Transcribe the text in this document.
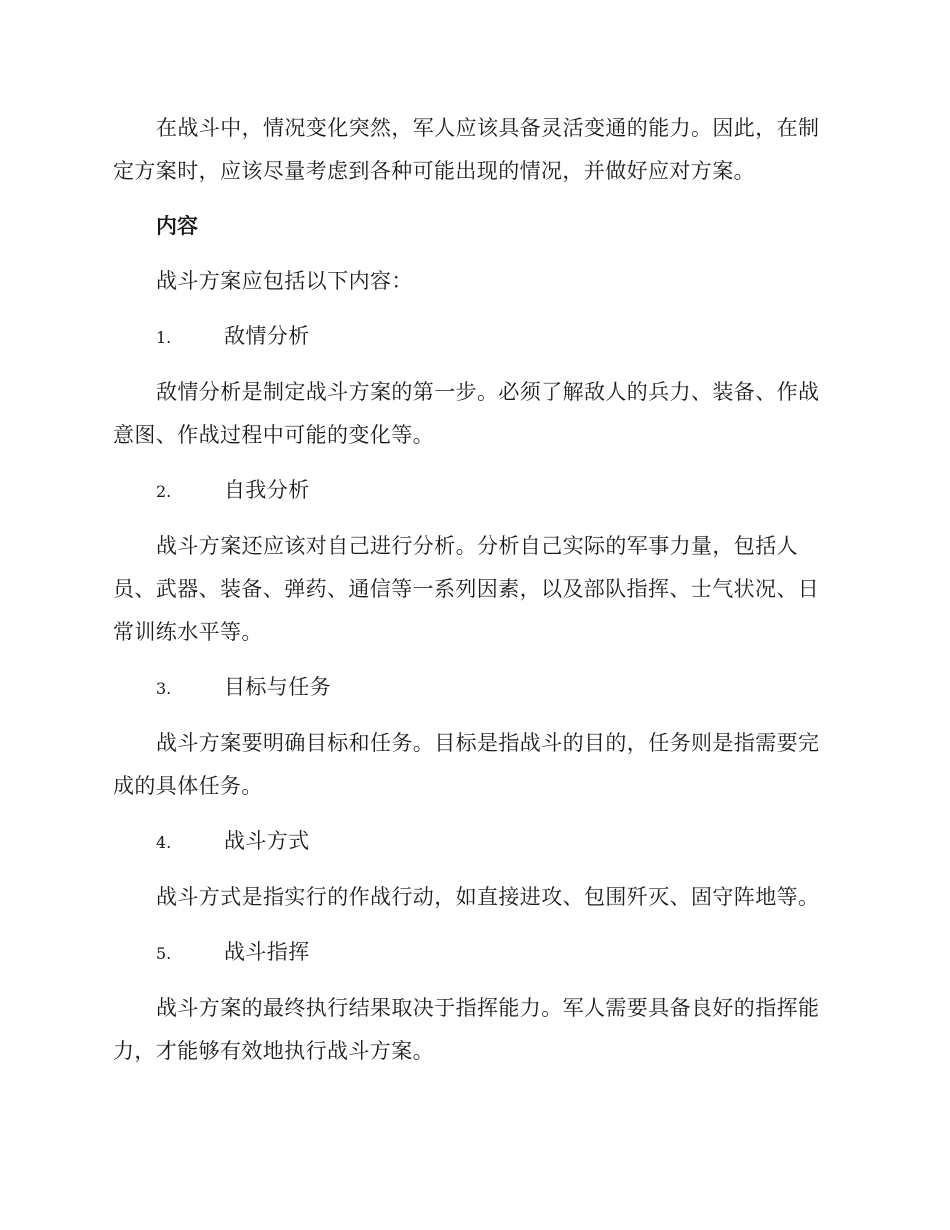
在战斗中，情况变化突然，军人应该具备灵活变通的能力。因此，在制定方案时，应该尽量考虑到各种可能出现的情况，并做好应对方案。

内容

战斗方案应包括以下内容：

1.	敌情分析

敌情分析是制定战斗方案的第一步。必须了解敌人的兵力、装备、作战意图、作战过程中可能的变化等。

2.	自我分析

战斗方案还应该对自己进行分析。分析自己实际的军事力量，包括人员、武器、装备、弹药、通信等一系列因素，以及部队指挥、士气状况、日常训练水平等。

3.	目标与任务

战斗方案要明确目标和任务。目标是指战斗的目的，任务则是指需要完成的具体任务。

4.	战斗方式

战斗方式是指实行的作战行动，如直接进攻、包围歼灭、固守阵地等。

5.	战斗指挥

战斗方案的最终执行结果取决于指挥能力。军人需要具备良好的指挥能力，才能够有效地执行战斗方案。
